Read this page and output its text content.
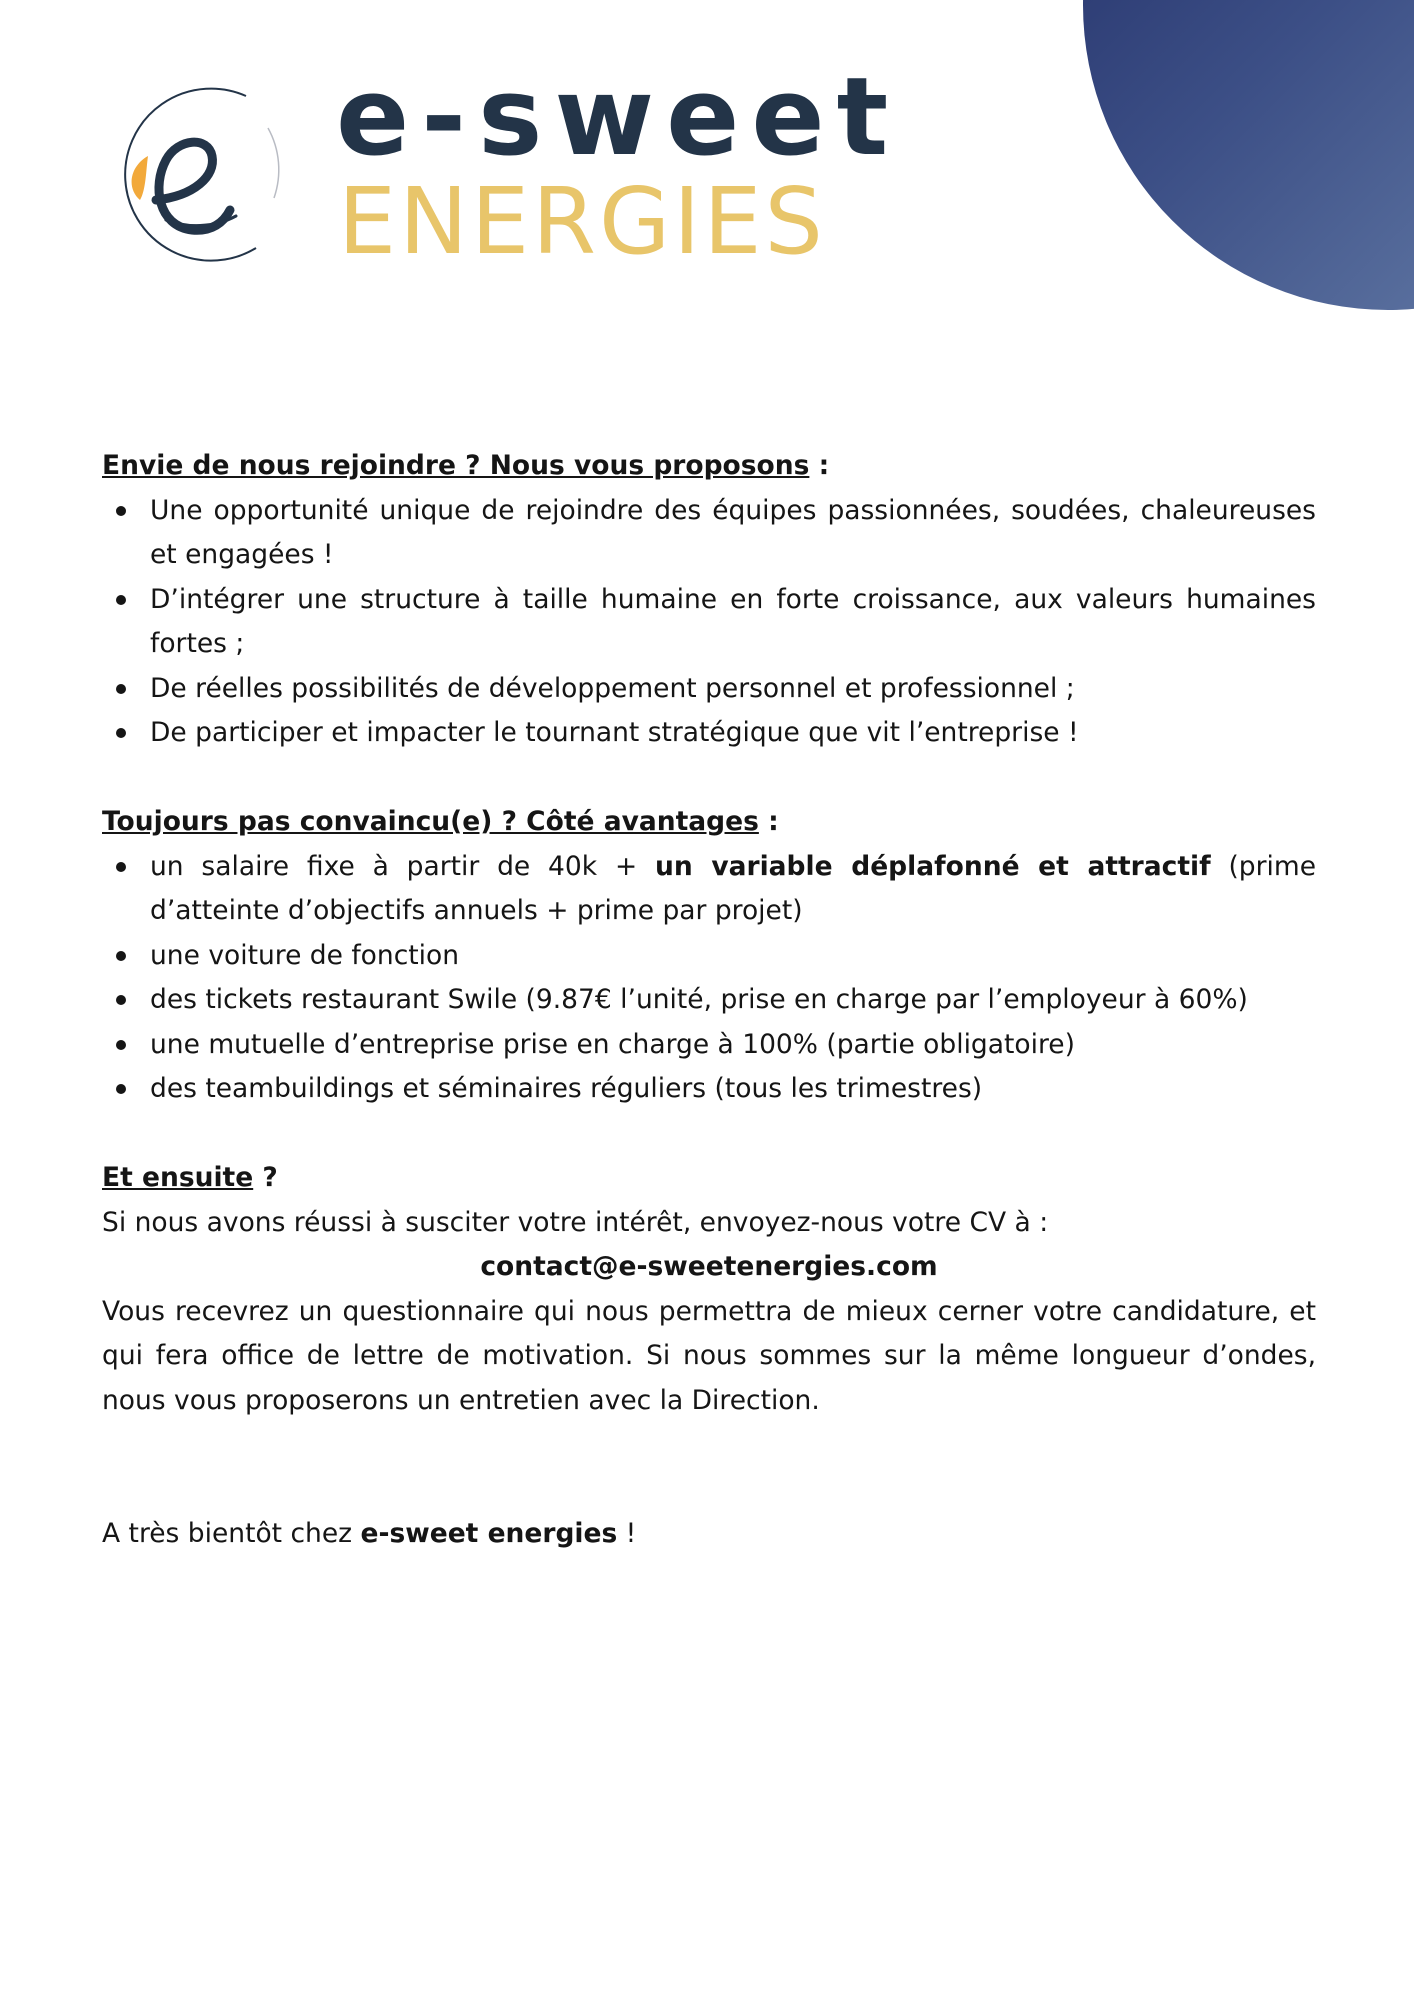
e-sweet
ENERGIES

Envie de nous rejoindre ? Nous vous proposons :

Une opportunité unique de rejoindre des équipes passionnées, soudées, chaleureuses et engagées !
D’intégrer une structure à taille humaine en forte croissance, aux valeurs humaines fortes ;
De réelles possibilités de développement personnel et professionnel ;
De participer et impacter le tournant stratégique que vit l’entreprise !

Toujours pas convaincu(e) ? Côté avantages :

un salaire fixe à partir de 40k + un variable déplafonné et attractif (prime d’atteinte d’objectifs annuels + prime par projet)
une voiture de fonction
des tickets restaurant Swile (9.87€ l’unité, prise en charge par l’employeur à 60%)
une mutuelle d’entreprise prise en charge à 100% (partie obligatoire)
des teambuildings et séminaires réguliers (tous les trimestres)

Et ensuite ?

Si nous avons réussi à susciter votre intérêt, envoyez-nous votre CV à :

contact@e-sweetenergies.com

Vous recevrez un questionnaire qui nous permettra de mieux cerner votre candidature, et qui fera office de lettre de motivation. Si nous sommes sur la même longueur d’ondes, nous vous proposerons un entretien avec la Direction.

A très bientôt chez e-sweet energies !
